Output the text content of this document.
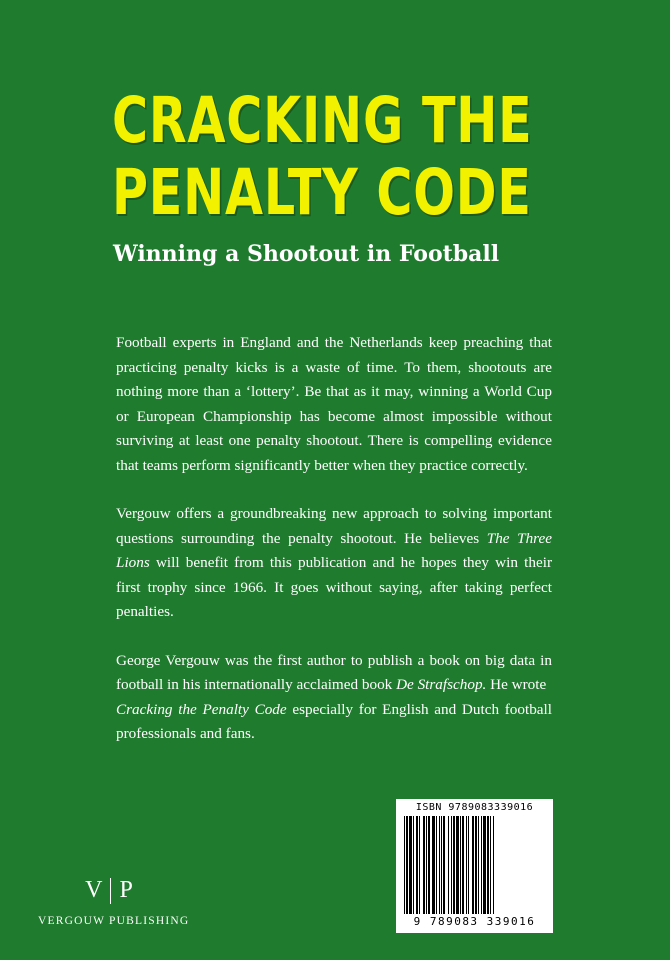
CRACKING THE
PENALTY CODE
Winning a Shootout in Football

Football experts in England and the Netherlands keep preaching that practicing penalty kicks is a waste of time. To them, shootouts are nothing more than a ‘lottery’. Be that as it may, winning a World Cup or European Championship has become almost impossible without surviving at least one penalty shootout. There is compelling evidence that teams perform significantly better when they practice correctly.

Vergouw offers a groundbreaking new approach to solving important questions surrounding the penalty shootout. He believes The Three Lions will benefit from this publication and he hopes they win their first trophy since 1966. It goes without saying, after taking perfect penalties.

George Vergouw was the first author to publish a book on big data in football in his internationally acclaimed book De Strafschop. He wrote
Cracking the Penalty Code especially for English and Dutch football professionals and fans.

ISBN 9789083339016
9 789083 339016
V P
VERGOUW PUBLISHING
